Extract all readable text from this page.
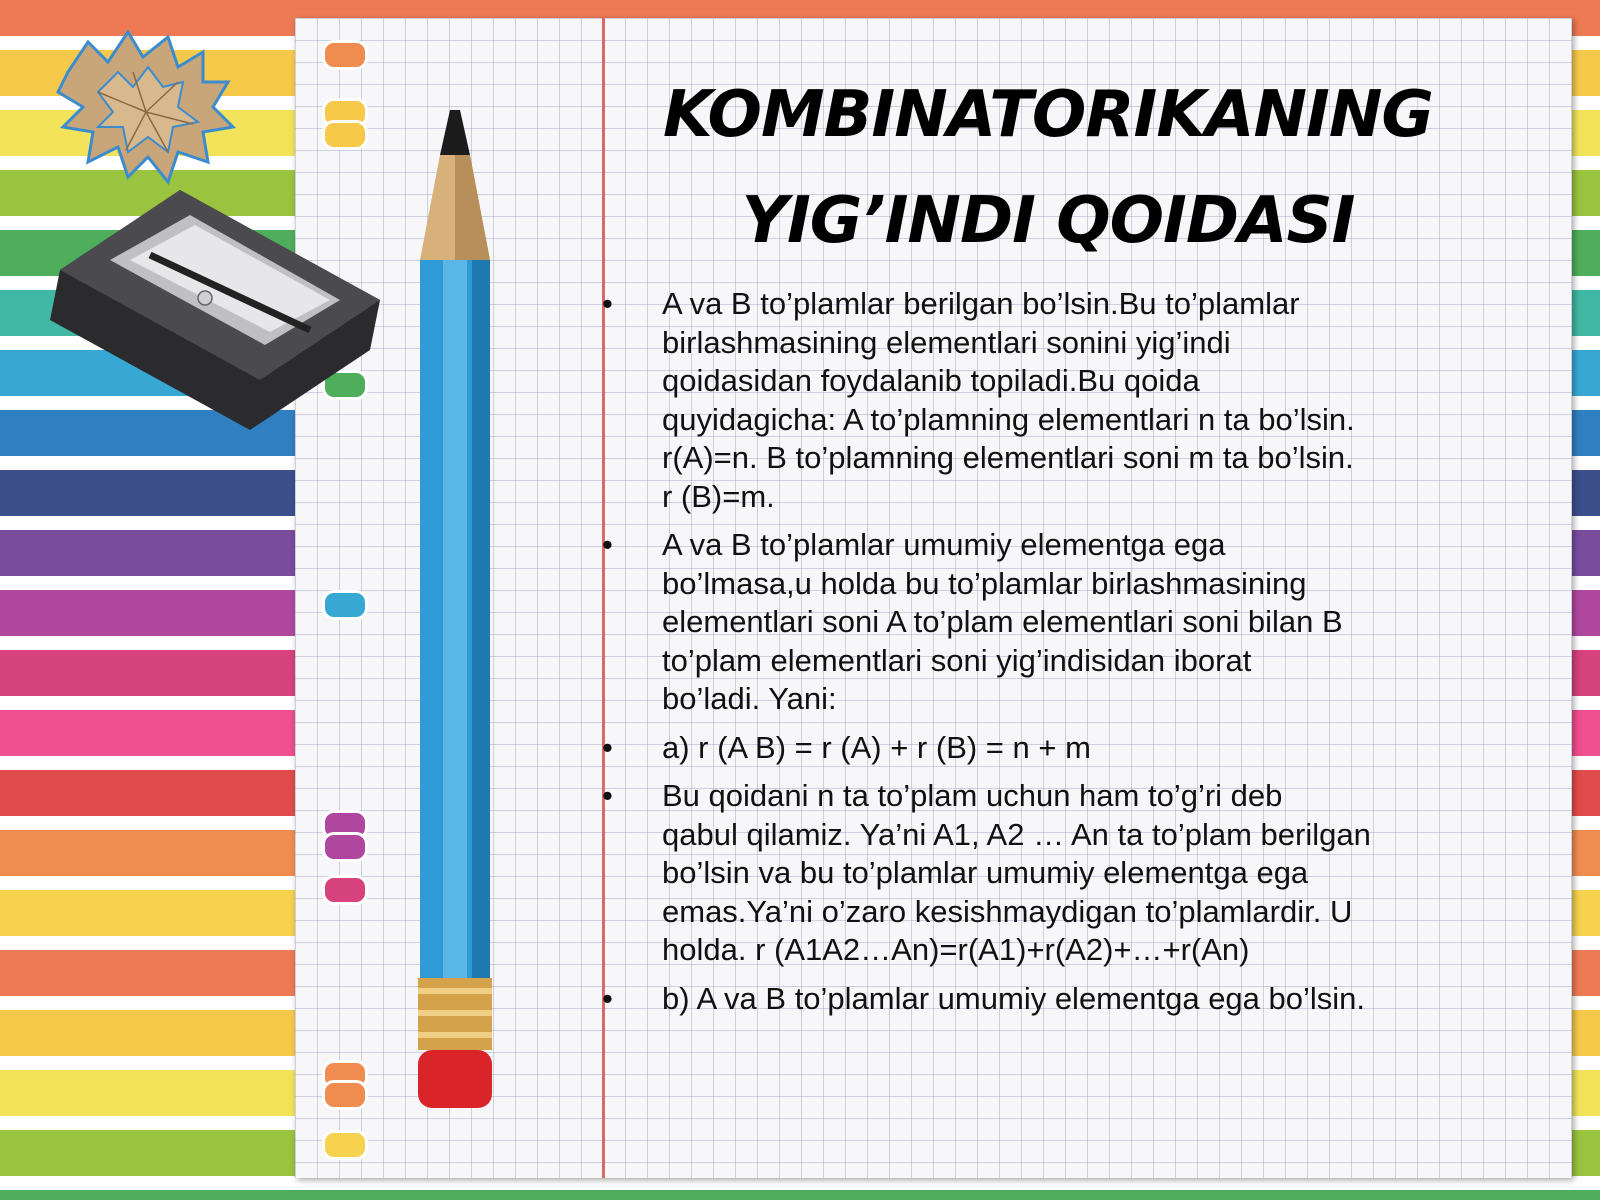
KOMBINATORIKANING
YIG’INDI QOIDASI
• A va B to’plamlar berilgan bo’lsin.Bu to’plamlar
birlashmasining elementlari sonini yig’indi
qoidasidan foydalanib topiladi.Bu qoida
quyidagicha: A to’plamning elementlari n ta bo’lsin.
r(A)=n. B to’plamning elementlari soni m ta bo’lsin.
r (B)=m.
• A va B to’plamlar umumiy elementga ega
bo’lmasa,u holda bu to’plamlar birlashmasining
elementlari soni A to’plam elementlari soni bilan B
to’plam elementlari soni yig’indisidan iborat
bo’ladi. Yani:
• a) r (A B) = r (A) + r (B) = n + m
• Bu qoidani n ta to’plam uchun ham to’g’ri deb
qabul qilamiz. Ya’ni A1, A2 … An ta to’plam berilgan
bo’lsin va bu to’plamlar umumiy elementga ega
emas.Ya’ni o’zaro kesishmaydigan to’plamlardir. U
holda. r (A1A2…An)=r(A1)+r(A2)+…+r(An)
• b) A va B to’plamlar umumiy elementga ega bo’lsin.
